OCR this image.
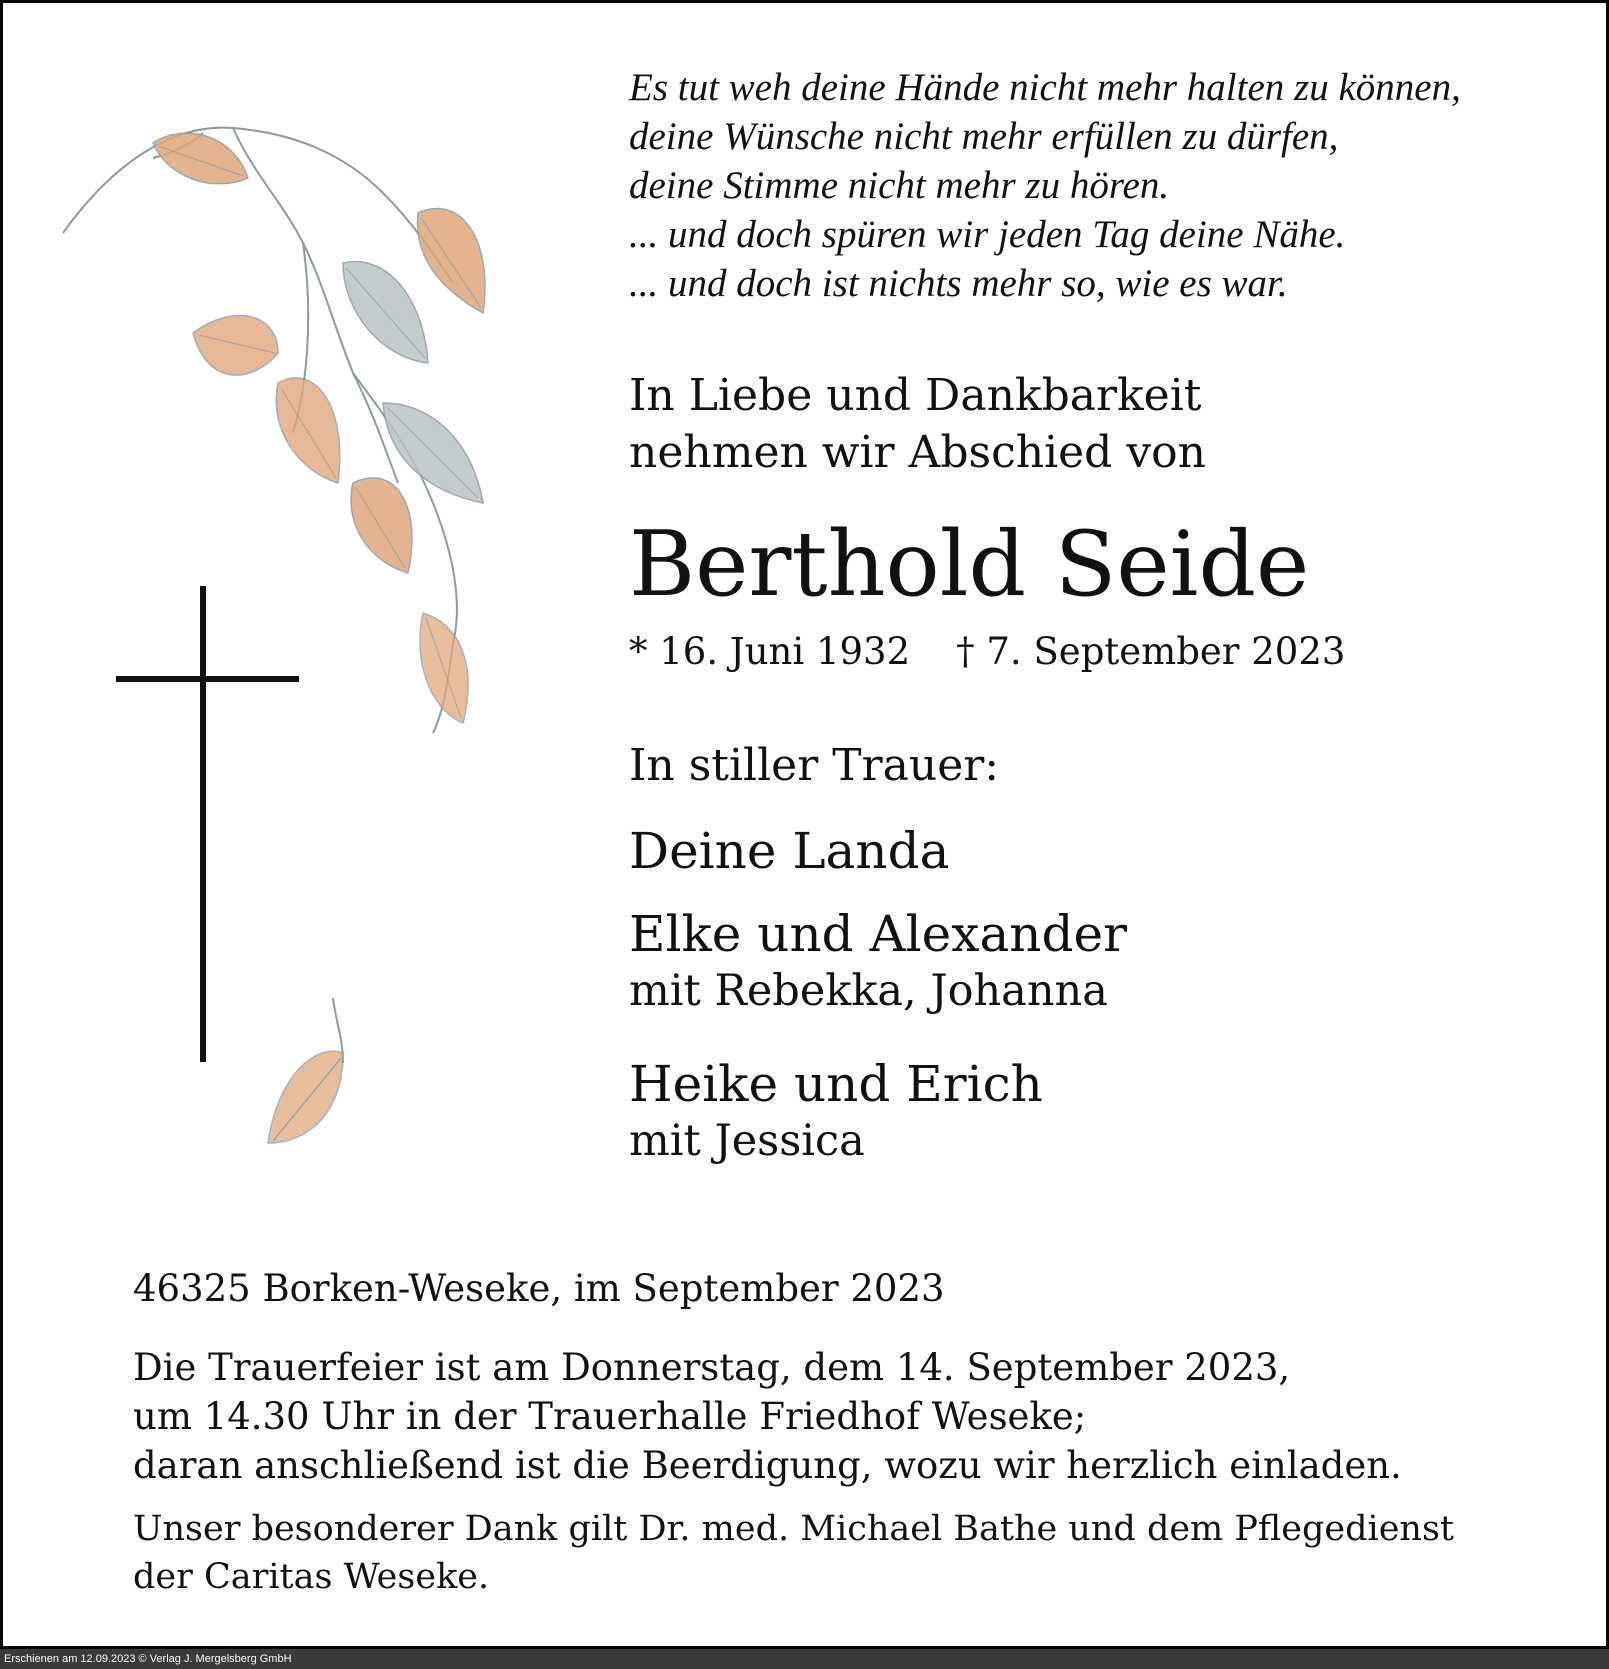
Es tut weh deine Hände nicht mehr halten zu können,
deine Wünsche nicht mehr erfüllen zu dürfen,
deine Stimme nicht mehr zu hören.
... und doch spüren wir jeden Tag deine Nähe.
... und doch ist nichts mehr so, wie es war.
In Liebe und Dankbarkeit
nehmen wir Abschied von
Berthold Seide
* 16. Juni 1932 † 7. September 2023
In stiller Trauer:
Deine Landa
Elke und Alexander
mit Rebekka, Johanna
Heike und Erich
mit Jessica
46325 Borken-Weseke, im September 2023
Die Trauerfeier ist am Donnerstag, dem 14. September 2023,
um 14.30 Uhr in der Trauerhalle Friedhof Weseke;
daran anschließend ist die Beerdigung, wozu wir herzlich einladen.
Unser besonderer Dank gilt Dr. med. Michael Bathe und dem Pflegedienst
der Caritas Weseke.
Erschienen am 12.09.2023 © Verlag J. Mergelsberg GmbH
